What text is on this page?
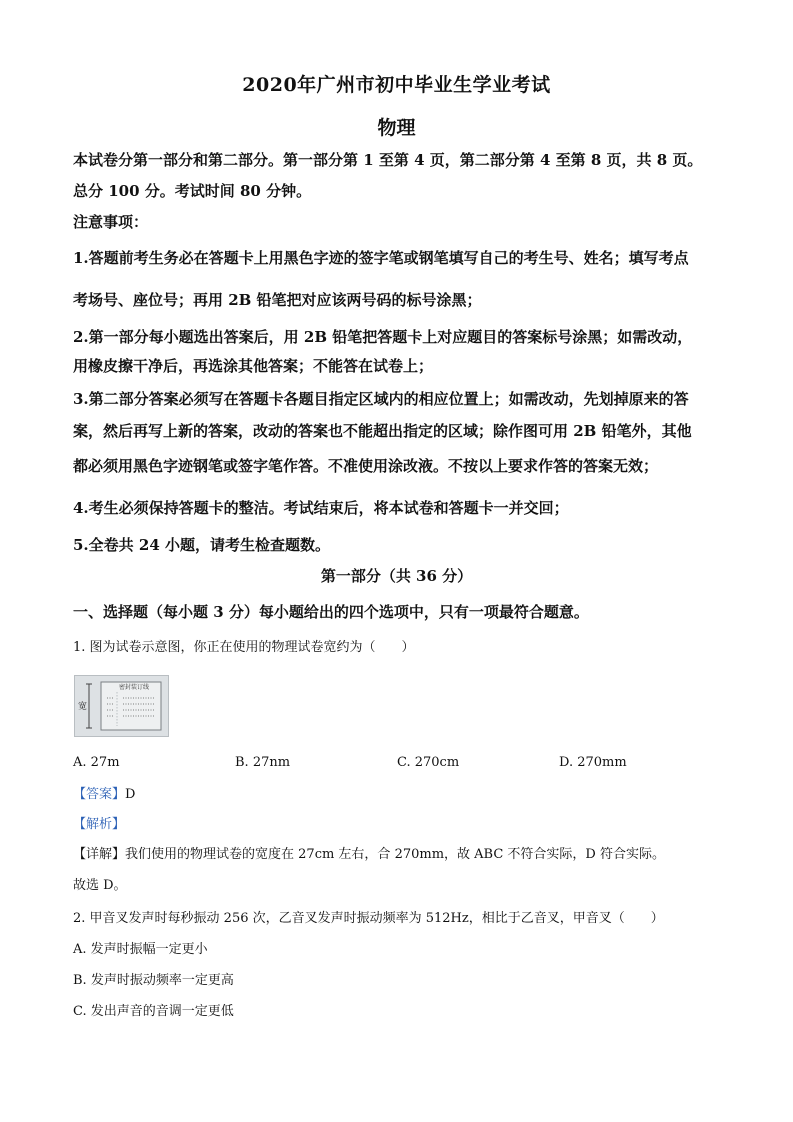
2020年广州市初中毕业生学业考试
物理
本试卷分第一部分和第二部分。第一部分第 1 至第 4 页，第二部分第 4 至第 8 页，共 8 页。
总分 100 分。考试时间 80 分钟。
注意事项：
1.答题前考生务必在答题卡上用黑色字迹的签字笔或钢笔填写自己的考生号、姓名；填写考点
考场号、座位号；再用 2B 铅笔把对应该两号码的标号涂黑；
2.第一部分每小题选出答案后，用 2B 铅笔把答题卡上对应题目的答案标号涂黑；如需改动，
用橡皮擦干净后，再选涂其他答案；不能答在试卷上；
3.第二部分答案必须写在答题卡各题目指定区域内的相应位置上；如需改动，先划掉原来的答
案，然后再写上新的答案，改动的答案也不能超出指定的区域；除作图可用 2B 铅笔外，其他
都必须用黑色字迹钢笔或签字笔作答。不准使用涂改液。不按以上要求作答的答案无效；
4.考生必须保持答题卡的整洁。考试结束后，将本试卷和答题卡一并交回；
5.全卷共 24 小题，请考生检查题数。
第一部分（共 36 分）
一、选择题（每小题 3 分）每小题给出的四个选项中，只有一项最符合题意。
1. 图为试卷示意图，你正在使用的物理试卷宽约为（　　）
宽
密封装订线
A. 27m	B. 27nm	C. 270cm	D. 270mm
【答案】D
【解析】
【详解】我们使用的物理试卷的宽度在 27cm 左右，合 270mm，故 ABC 不符合实际，D 符合实际。
故选 D。
2. 甲音叉发声时每秒振动 256 次，乙音叉发声时振动频率为 512Hz，相比于乙音叉，甲音叉（　　）
A. 发声时振幅一定更小
B. 发声时振动频率一定更高
C. 发出声音的音调一定更低
